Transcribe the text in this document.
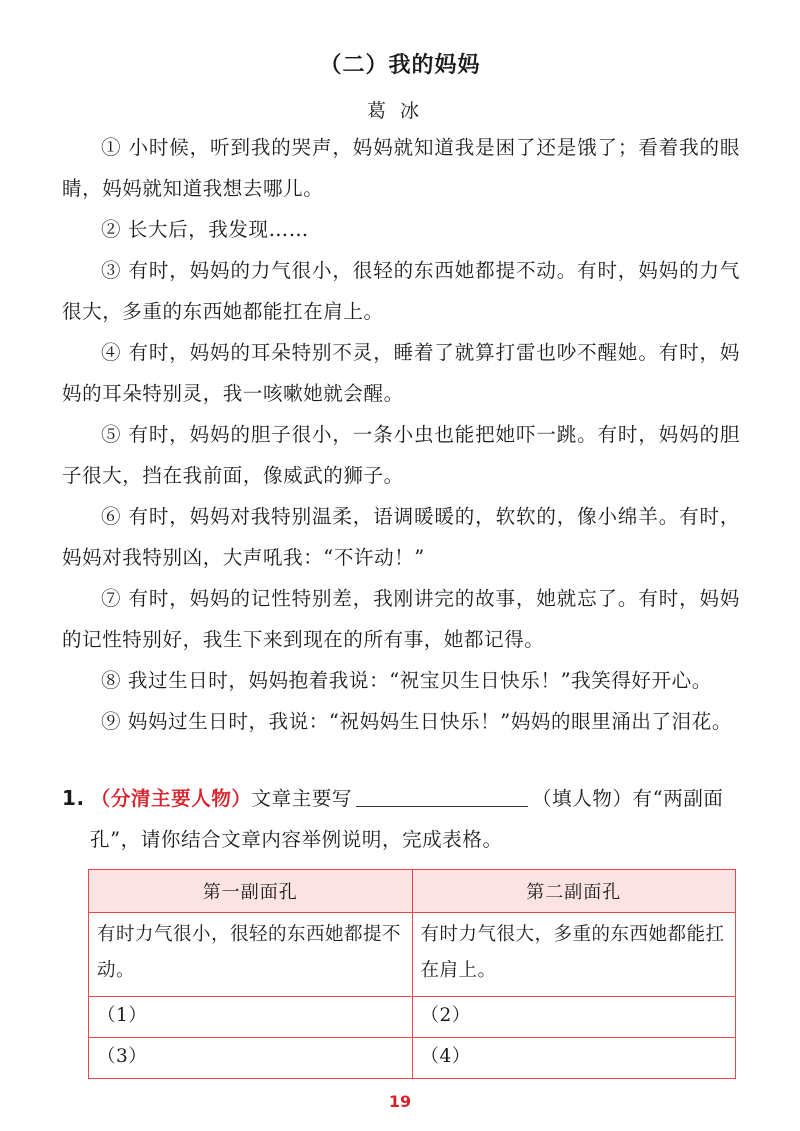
（二）我的妈妈
葛冰

① 小时候，听到我的哭声，妈妈就知道我是困了还是饿了；看着我的眼睛，妈妈就知道我想去哪儿。

② 长大后，我发现……

③ 有时，妈妈的力气很小，很轻的东西她都提不动。有时，妈妈的力气很大，多重的东西她都能扛在肩上。

④ 有时，妈妈的耳朵特别不灵，睡着了就算打雷也吵不醒她。有时，妈妈的耳朵特别灵，我一咳嗽她就会醒。

⑤ 有时，妈妈的胆子很小，一条小虫也能把她吓一跳。有时，妈妈的胆子很大，挡在我前面，像威武的狮子。

⑥ 有时，妈妈对我特别温柔，语调暖暖的，软软的，像小绵羊。有时，妈妈对我特别凶，大声吼我：“不许动！”

⑦ 有时，妈妈的记性特别差，我刚讲完的故事，她就忘了。有时，妈妈的记性特别好，我生下来到现在的所有事，她都记得。

⑧ 我过生日时，妈妈抱着我说：“祝宝贝生日快乐！”我笑得好开心。

⑨ 妈妈过生日时，我说：“祝妈妈生日快乐！”妈妈的眼里涌出了泪花。

1. （分清主要人物）文章主要写	（填人物）有“两副面
孔”，请你结合文章内容举例说明，完成表格。
第一副面孔	第二副面孔
有时力气很小，很轻的东西她都提不动。	有时力气很大，多重的东西她都能扛在肩上。
（1）	（2）
（3）	（4）
19
